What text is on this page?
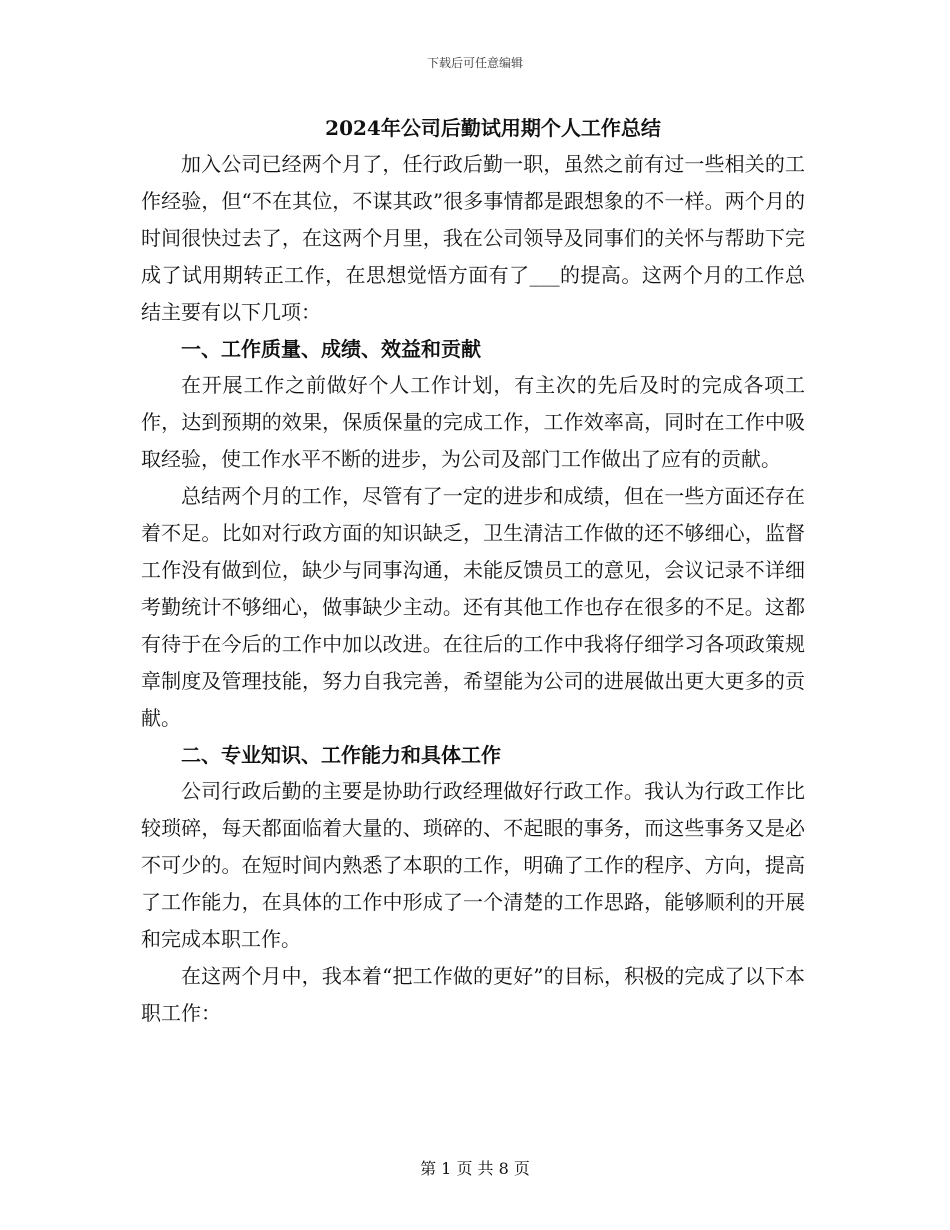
下载后可任意编辑
2024年公司后勤试用期个人工作总结

加入公司已经两个月了，任行政后勤一职，虽然之前有过一些相关的工作经验，但“不在其位，不谋其政”很多事情都是跟想象的不一样。两个月的时间很快过去了，在这两个月里，我在公司领导及同事们的关怀与帮助下完成了试用期转正工作，在思想觉悟方面有了___的提高。这两个月的工作总结主要有以下几项：

一、工作质量、成绩、效益和贡献

在开展工作之前做好个人工作计划，有主次的先后及时的完成各项工作，达到预期的效果，保质保量的完成工作，工作效率高，同时在工作中吸取经验，使工作水平不断的进步，为公司及部门工作做出了应有的贡献。

总结两个月的工作，尽管有了一定的进步和成绩，但在一些方面还存在着不足。比如对行政方面的知识缺乏，卫生清洁工作做的还不够细心，监督工作没有做到位，缺少与同事沟通，未能反馈员工的意见，会议记录不详细考勤统计不够细心，做事缺少主动。还有其他工作也存在很多的不足。这都有待于在今后的工作中加以改进。在往后的工作中我将仔细学习各项政策规章制度及管理技能，努力自我完善，希望能为公司的进展做出更大更多的贡献。

二、专业知识、工作能力和具体工作

公司行政后勤的主要是协助行政经理做好行政工作。我认为行政工作比较琐碎，每天都面临着大量的、琐碎的、不起眼的事务，而这些事务又是必不可少的。在短时间内熟悉了本职的工作，明确了工作的程序、方向，提高了工作能力，在具体的工作中形成了一个清楚的工作思路，能够顺利的开展和完成本职工作。

在这两个月中，我本着“把工作做的更好”的目标，积极的完成了以下本职工作：

第 1 页 共 8 页
